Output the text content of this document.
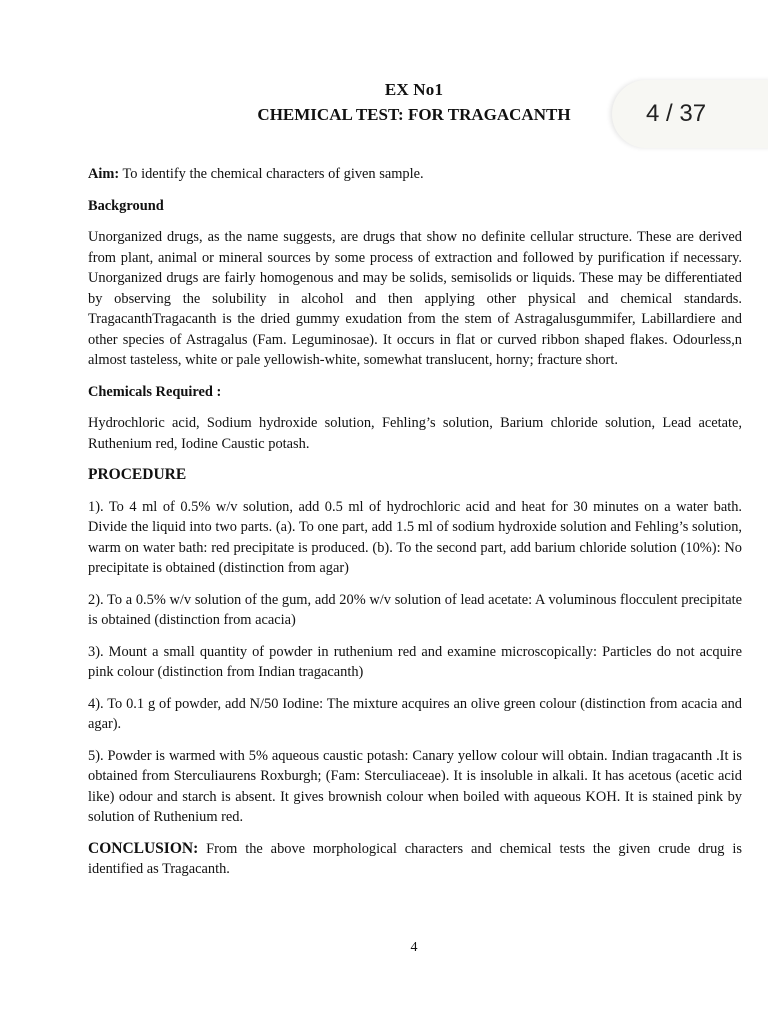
EX No1
CHEMICAL TEST: FOR TRAGACANTH	4 / 37

Aim: To identify the chemical characters of given sample.

Background

Unorganized drugs, as the name suggests, are drugs that show no definite cellular structure. These are derived from plant, animal or mineral sources by some process of extraction and followed by purification if necessary. Unorganized drugs are fairly homogenous and may be solids, semisolids or liquids. These may be differentiated by observing the solubility in alcohol and then applying other physical and chemical standards. TragacanthTragacanth is the dried gummy exudation from the stem of Astragalusgummifer, Labillardiere and other species of Astragalus (Fam. Leguminosae). It occurs in flat or curved ribbon shaped flakes. Odourless,n almost tasteless, white or pale yellowish-white, somewhat translucent, horny; fracture short.

Chemicals Required :

Hydrochloric acid, Sodium hydroxide solution, Fehling’s solution, Barium chloride solution, Lead acetate, Ruthenium red, Iodine Caustic potash.

PROCEDURE

1). To 4 ml of 0.5% w/v solution, add 0.5 ml of hydrochloric acid and heat for 30 minutes on a water bath. Divide the liquid into two parts. (a). To one part, add 1.5 ml of sodium hydroxide solution and Fehling’s solution, warm on water bath: red precipitate is produced. (b). To the second part, add barium chloride solution (10%): No precipitate is obtained (distinction from agar)

2). To a 0.5% w/v solution of the gum, add 20% w/v solution of lead acetate: A voluminous flocculent precipitate is obtained (distinction from acacia)

3). Mount a small quantity of powder in ruthenium red and examine microscopically: Particles do not acquire pink colour (distinction from Indian tragacanth)

4). To 0.1 g of powder, add N/50 Iodine: The mixture acquires an olive green colour (distinction from acacia and agar).

5). Powder is warmed with 5% aqueous caustic potash: Canary yellow colour will obtain. Indian tragacanth .It is obtained from Sterculiaurens Roxburgh; (Fam: Sterculiaceae). It is insoluble in alkali. It has acetous (acetic acid like) odour and starch is absent. It gives brownish colour when boiled with aqueous KOH. It is stained pink by solution of Ruthenium red.

CONCLUSION: From the above morphological characters and chemical tests the given crude drug is identified as Tragacanth.

4
